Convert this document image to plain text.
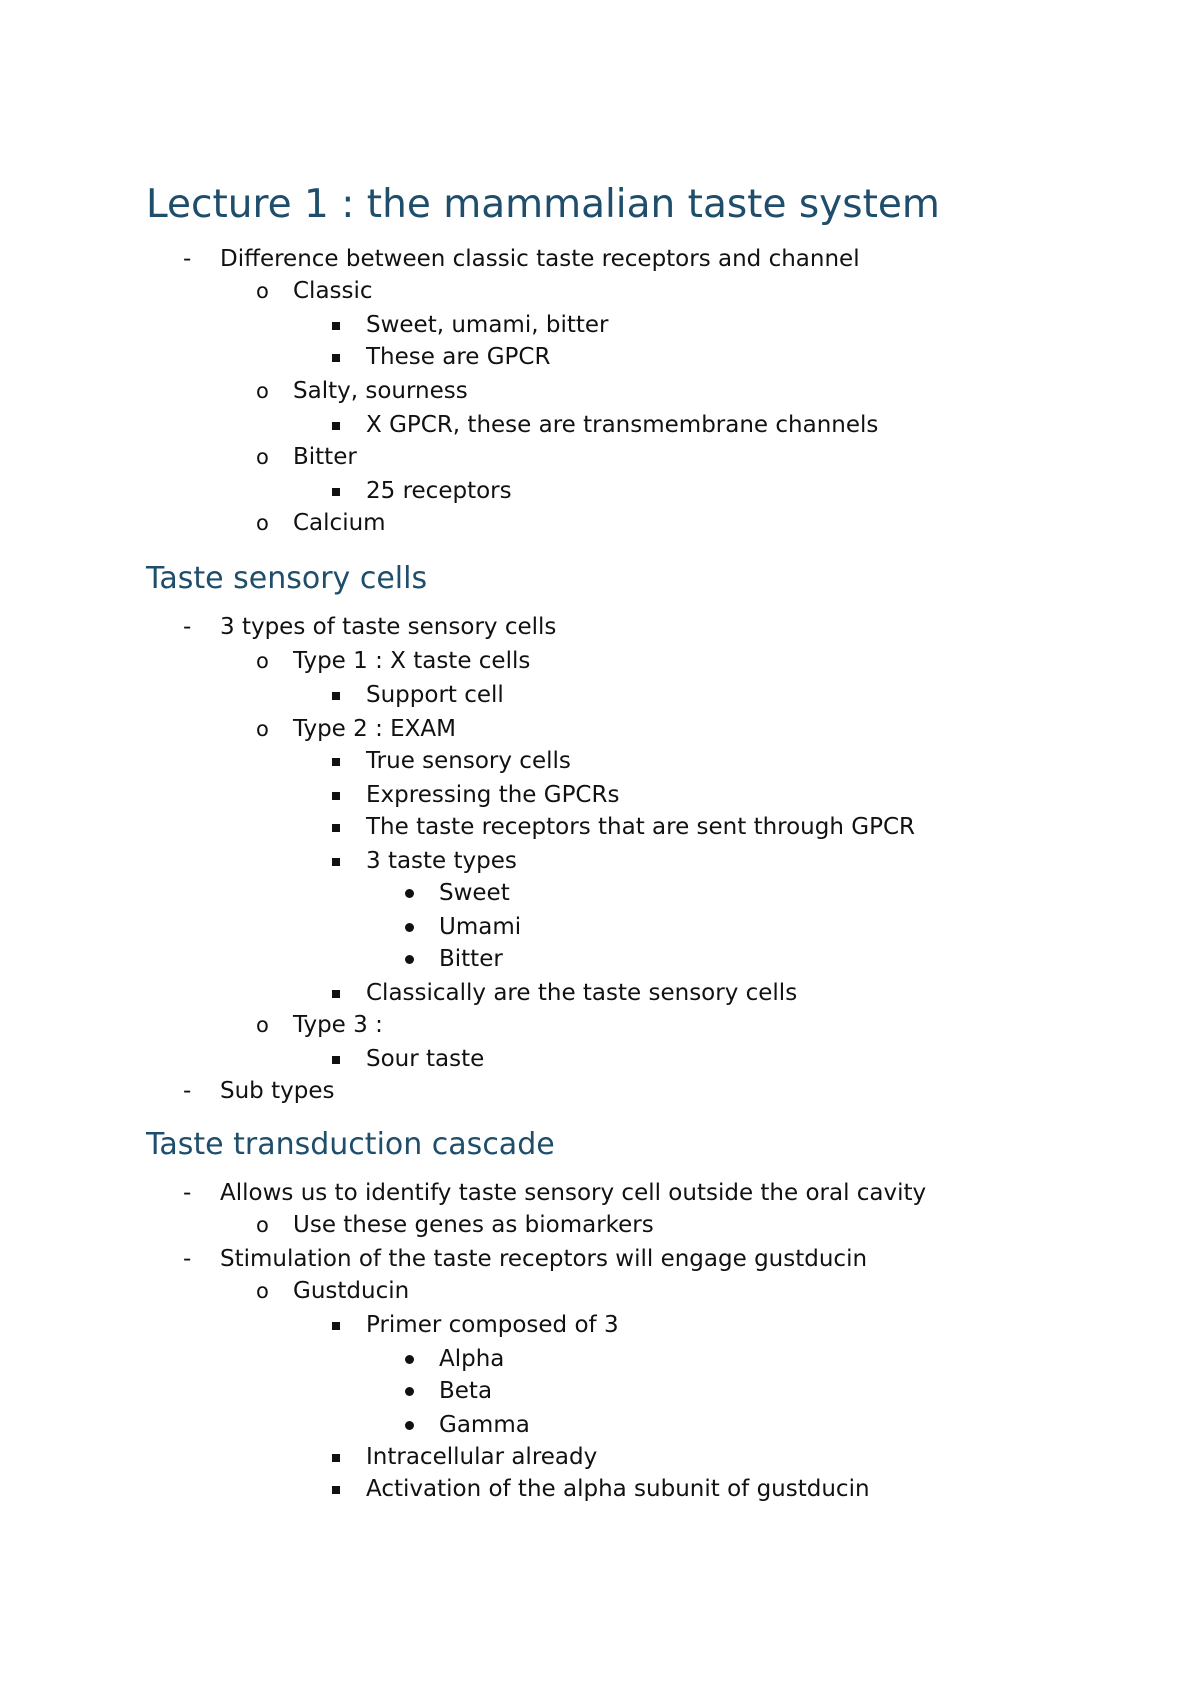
Lecture 1 : the mammalian taste system
- Difference between classic taste receptors and channel
o Classic
Sweet, umami, bitter
These are GPCR
o Salty, sourness
X GPCR, these are transmembrane channels
o Bitter
25 receptors
o Calcium
Taste sensory cells
- 3 types of taste sensory cells
o Type 1 : X taste cells
Support cell
o Type 2 : EXAM
True sensory cells
Expressing the GPCRs
The taste receptors that are sent through GPCR
3 taste types
Sweet
Umami
Bitter
Classically are the taste sensory cells
o Type 3 :
Sour taste
- Sub types
Taste transduction cascade
- Allows us to identify taste sensory cell outside the oral cavity
o Use these genes as biomarkers
- Stimulation of the taste receptors will engage gustducin
o Gustducin
Primer composed of 3
Alpha
Beta
Gamma
Intracellular already
Activation of the alpha subunit of gustducin
